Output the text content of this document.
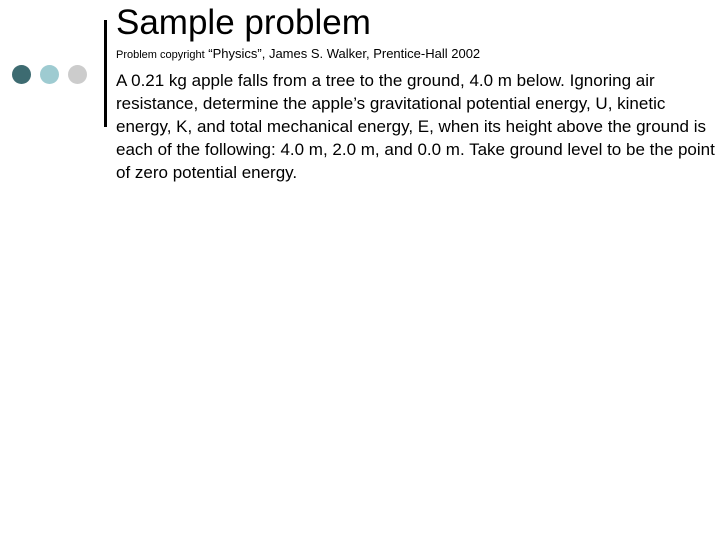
Sample problem
Problem copyright “Physics”, James S. Walker, Prentice-Hall 2002

A 0.21 kg apple falls from a tree to the ground, 4.0 m below. Ignoring air resistance, determine the apple’s gravitational potential energy, U, kinetic energy, K, and total mechanical energy, E, when its height above the ground is each of the following: 4.0 m, 2.0 m, and 0.0 m. Take ground level to be the point of zero potential energy.
